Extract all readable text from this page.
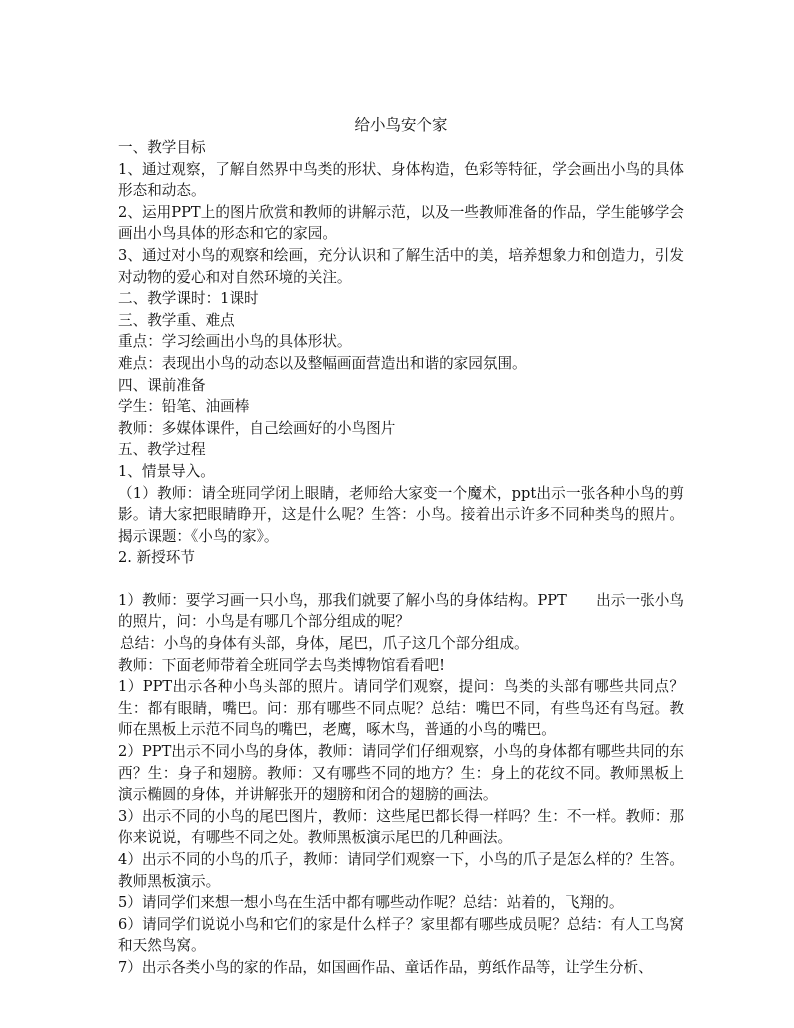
给小鸟安个家
一、教学目标
1、通过观察，了解自然界中鸟类的形状、身体构造，色彩等特征，学会画出小鸟的具体形态和动态。
2、运用PPT上的图片欣赏和教师的讲解示范，以及一些教师准备的作品，学生能够学会画出小鸟具体的形态和它的家园。
3、通过对小鸟的观察和绘画，充分认识和了解生活中的美，培养想象力和创造力，引发对动物的爱心和对自然环境的关注。
二、教学课时：1课时
三、教学重、难点
重点：学习绘画出小鸟的具体形状。
难点：表现出小鸟的动态以及整幅画面营造出和谐的家园氛围。
四、课前准备
学生：铅笔、油画棒
教师：多媒体课件，自己绘画好的小鸟图片
五、教学过程
1、情景导入。
（1）教师：请全班同学闭上眼睛，老师给大家变一个魔术，ppt出示一张各种小鸟的剪影。请大家把眼睛睁开，这是什么呢？生答：小鸟。接着出示许多不同种类鸟的照片。揭示课题：《小鸟的家》。
2. 新授环节
1）教师：要学习画一只小鸟，那我们就要了解小鸟的身体结构。PPT　　出示一张小鸟的照片，问：小鸟是有哪几个部分组成的呢？
总结：小鸟的身体有头部，身体，尾巴，爪子这几个部分组成。
教师：下面老师带着全班同学去鸟类博物馆看看吧!
1）PPT出示各种小鸟头部的照片。请同学们观察，提问：鸟类的头部有哪些共同点？生：都有眼睛，嘴巴。问：那有哪些不同点呢？总结：嘴巴不同，有些鸟还有鸟冠。教师在黑板上示范不同鸟的嘴巴，老鹰，啄木鸟，普通的小鸟的嘴巴。
2）PPT出示不同小鸟的身体，教师：请同学们仔细观察，小鸟的身体都有哪些共同的东西？生：身子和翅膀。教师：又有哪些不同的地方？生：身上的花纹不同。教师黑板上演示椭圆的身体，并讲解张开的翅膀和闭合的翅膀的画法。
3）出示不同的小鸟的尾巴图片，教师：这些尾巴都长得一样吗？生：不一样。教师：那你来说说，有哪些不同之处。教师黑板演示尾巴的几种画法。
4）出示不同的小鸟的爪子，教师：请同学们观察一下，小鸟的爪子是怎么样的？生答。教师黑板演示。
5）请同学们来想一想小鸟在生活中都有哪些动作呢？总结：站着的，飞翔的。
6）请同学们说说小鸟和它们的家是什么样子？家里都有哪些成员呢？总结：有人工鸟窝和天然鸟窝。
7）出示各类小鸟的家的作品，如国画作品、童话作品，剪纸作品等，让学生分析、
